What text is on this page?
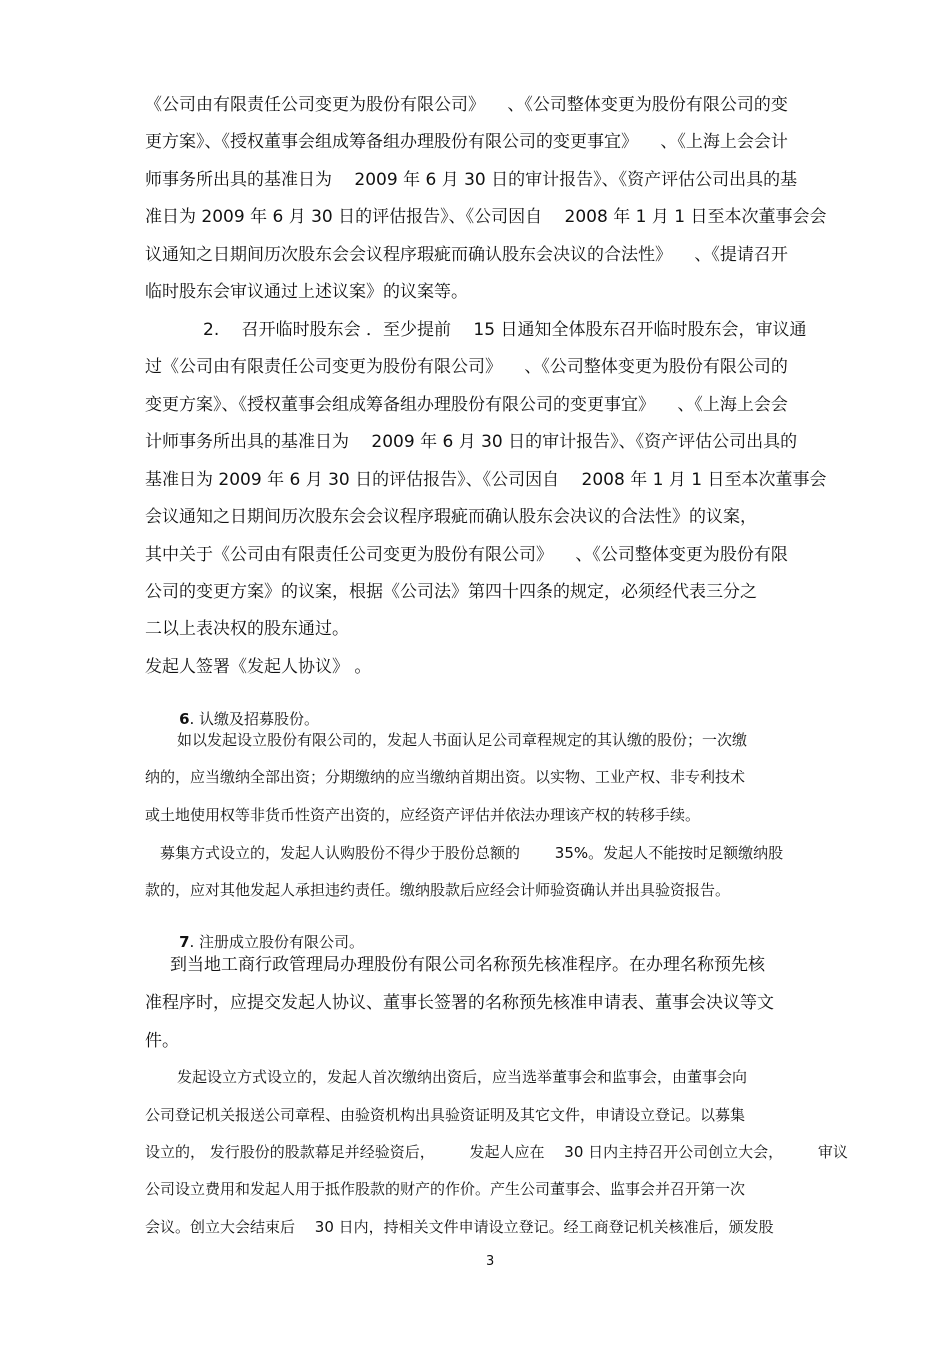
《公司由有限责任公司变更为股份有限公司》 　、《公司整体变更为股份有限公司的变
更方案》、《授权董事会组成筹备组办理股份有限公司的变更事宜》 　、《上海上会会计
师事务所出具的基准日为 　2009 年 6 月 30 日的审计报告》、《资产评估公司出具的基
准日为 2009 年 6 月 30 日的评估报告》、《公司因自 　2008 年 1 月 1 日至本次董事会会
议通知之日期间历次股东会会议程序瑕疵而确认股东会决议的合法性》 　、《提请召开
临时股东会审议通过上述议案》的议案等。
2. 　召开临时股东会 ．至少提前 　15 日通知全体股东召开临时股东会，审议通
过《公司由有限责任公司变更为股份有限公司》 　、《公司整体变更为股份有限公司的
变更方案》、《授权董事会组成筹备组办理股份有限公司的变更事宜》 　、《上海上会会
计师事务所出具的基准日为 　2009 年 6 月 30 日的审计报告》、《资产评估公司出具的
基准日为 2009 年 6 月 30 日的评估报告》、《公司因自 　2008 年 1 月 1 日至本次董事会
会议通知之日期间历次股东会会议程序瑕疵而确认股东会决议的合法性》的议案，
其中关于《公司由有限责任公司变更为股份有限公司》 　、《公司整体变更为股份有限
公司的变更方案》的议案，根据《公司法》第四十四条的规定，必须经代表三分之
二以上表决权的股东通过。
发起人签署《发起人协议》 。

6. 认缴及招募股份。

如以发起设立股份有限公司的，发起人书面认足公司章程规定的其认缴的股份；一次缴
纳的，应当缴纳全部出资；分期缴纳的应当缴纳首期出资。以实物、工业产权、非专利技术
或土地使用权等非货币性资产出资的，应经资产评估并依法办理该产权的转移手续。
募集方式设立的，发起人认购股份不得少于股份总额的 　　35%。发起人不能按时足额缴纳股
款的，应对其他发起人承担违约责任。缴纳股款后应经会计师验资确认并出具验资报告。

7. 注册成立股份有限公司。

到当地工商行政管理局办理股份有限公司名称预先核准程序。在办理名称预先核
准程序时，应提交发起人协议、董事长签署的名称预先核准申请表、董事会决议等文
件。
发起设立方式设立的，发起人首次缴纳出资后，应当选举董事会和监事会，由董事会向
公司登记机关报送公司章程、由验资机构出具验资证明及其它文件，申请设立登记。以募集
设立的， 发行股份的股款幕足并经验资后， 　　发起人应在 　30 日内主持召开公司创立大会， 　　审议
公司设立费用和发起人用于抵作股款的财产的作价。产生公司董事会、监事会并召开第一次
会议。创立大会结束后 　30 日内，持相关文件申请设立登记。经工商登记机关核准后，颁发股
3
